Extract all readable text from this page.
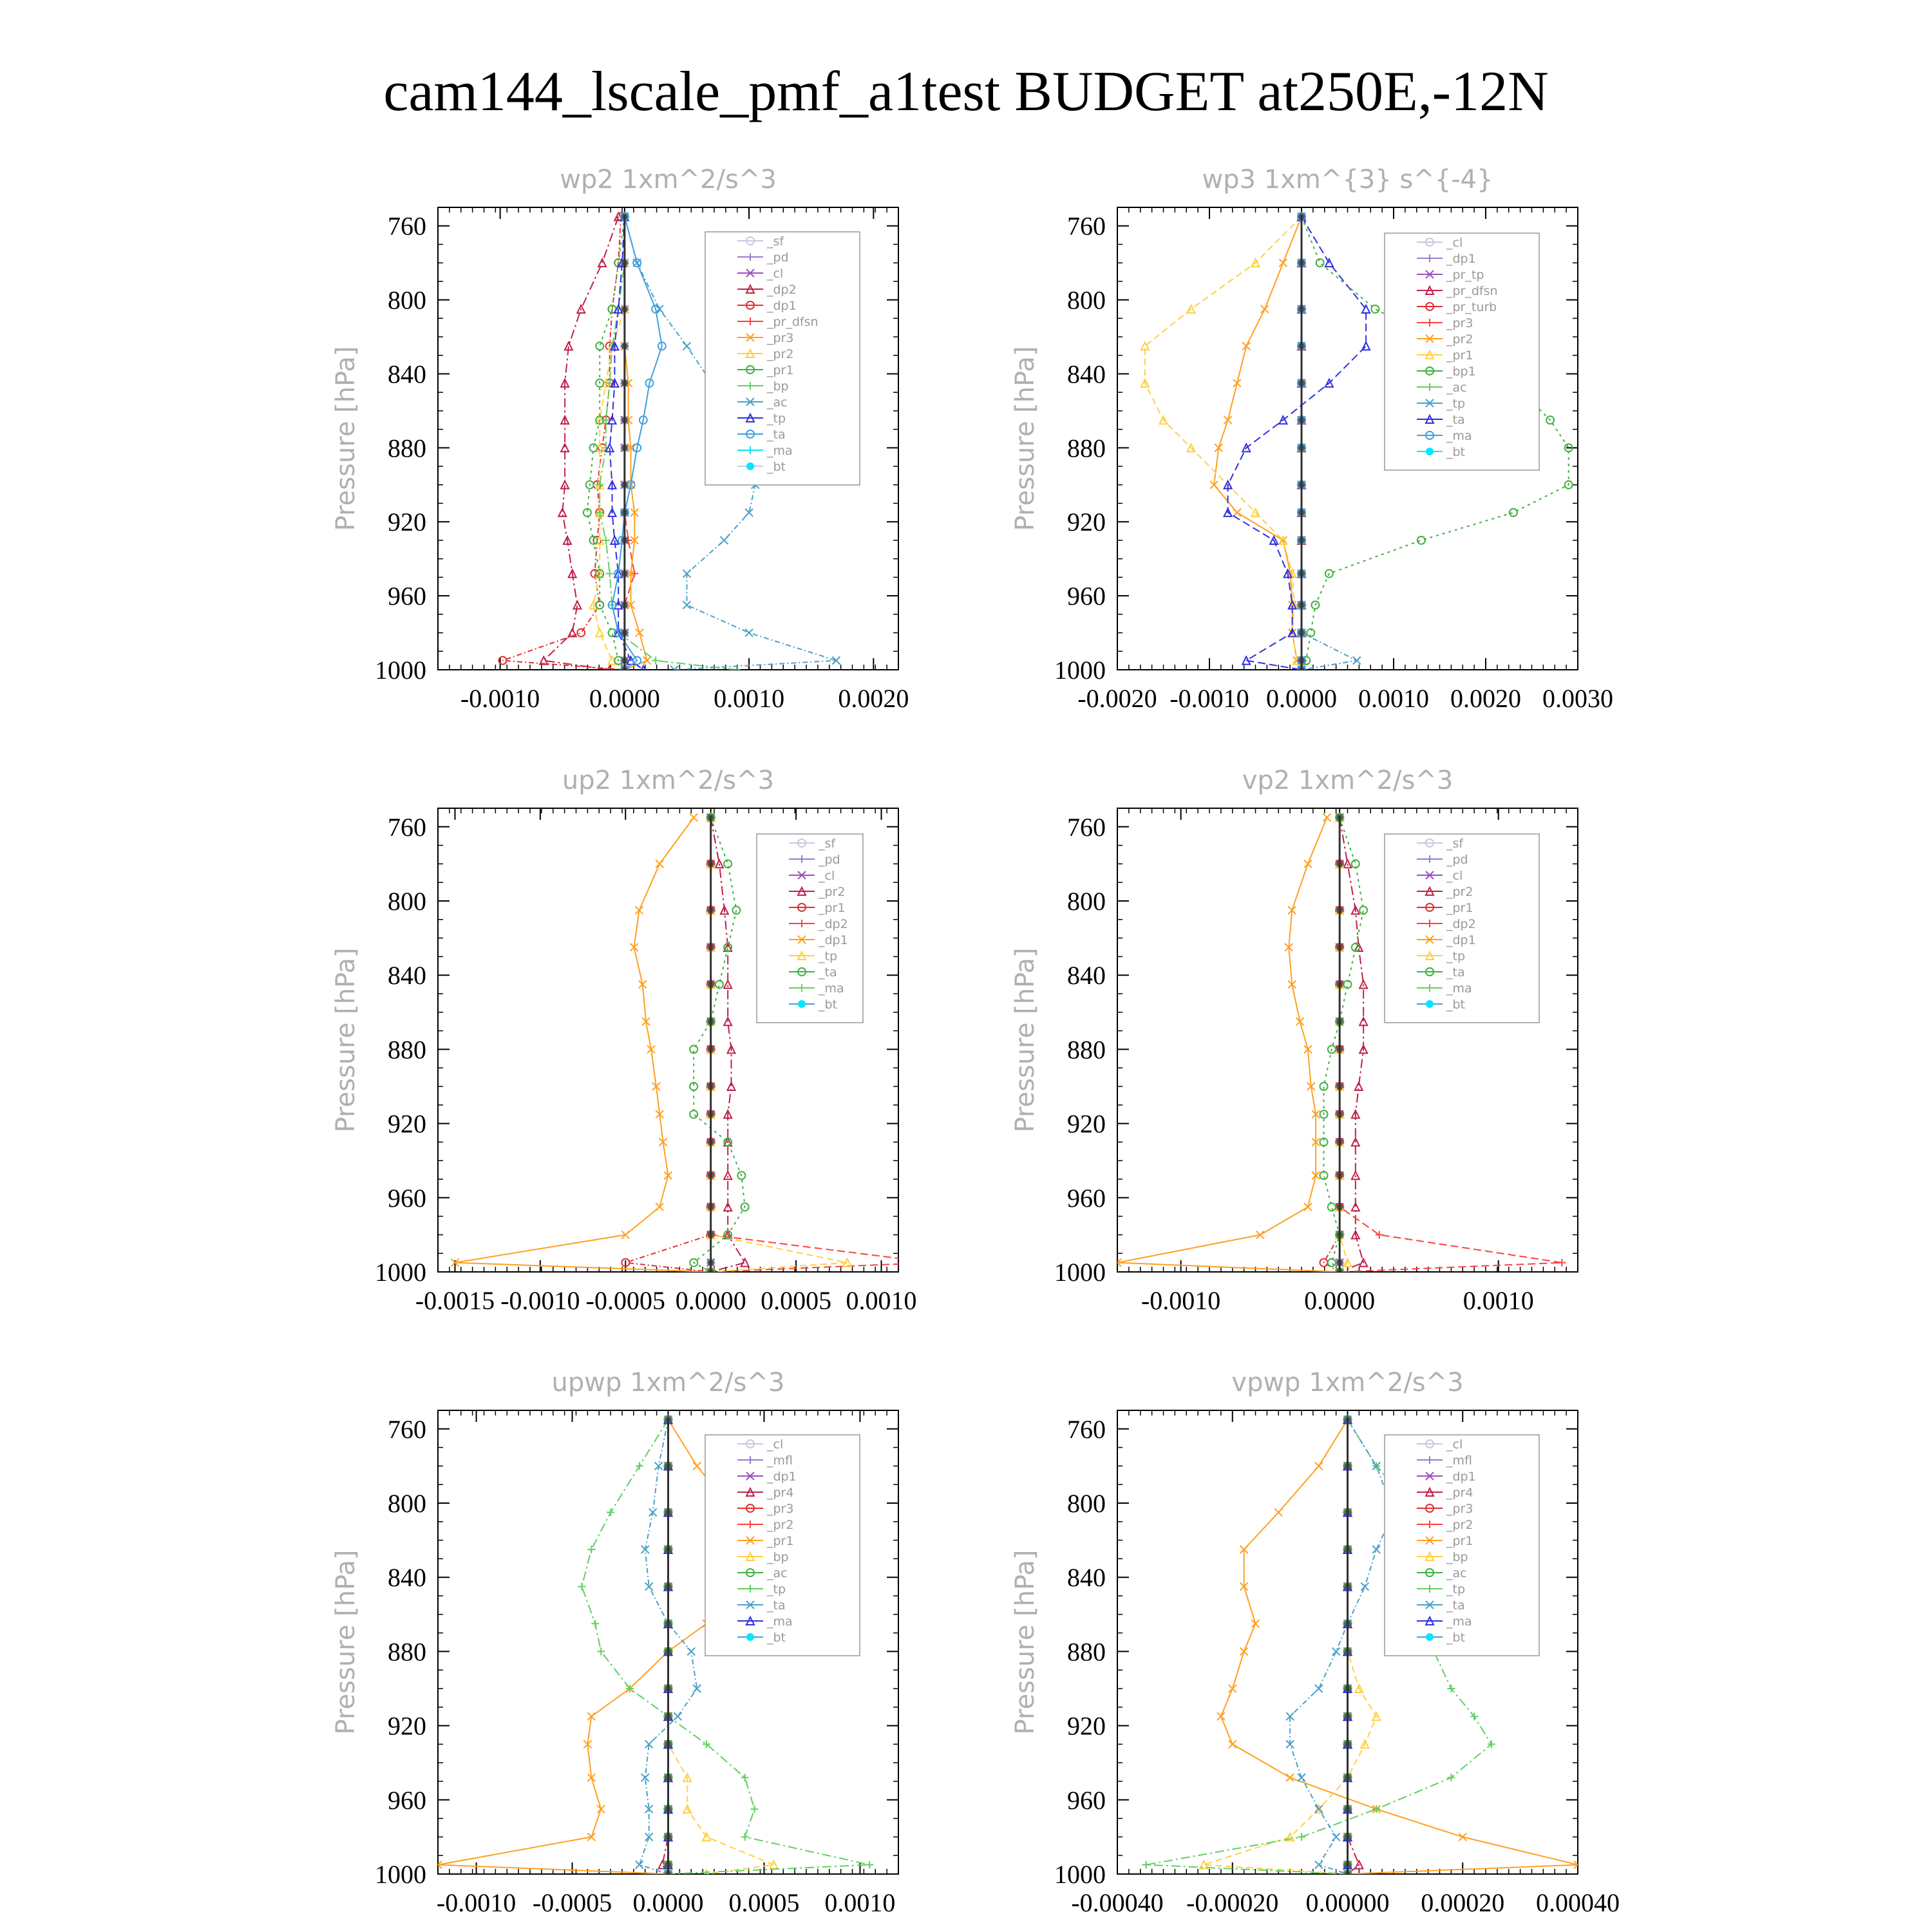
cam144_lscale_pmf_a1test BUDGET at250E,-12N
760
800
840
880
920
960
1000
-0.0010 0.0000 0.0010 0.0020
wp2 1xm^2/s^3
Pressure [hPa]
_sf
_pd
_cl
_dp2
_dp1
_pr_dfsn
_pr3
_pr2
_pr1
_bp
_ac
_tp
_ta
_ma
_bt
760
800
840
880
920
960
1000
-0.0020 -0.0010 0.0000 0.0010 0.0020 0.0030
wp3 1xm^{3} s^{-4}
Pressure [hPa]
_cl
_dp1
_pr_tp
_pr_dfsn
_pr_turb
_pr3
_pr2
_pr1
_bp1
_ac
_tp
_ta
_ma
_bt
760
800
840
880
920
960
1000
-0.0015 -0.0010 -0.0005 0.0000 0.0005 0.0010
up2 1xm^2/s^3
Pressure [hPa]
_sf
_pd
_cl
_pr2
_pr1
_dp2
_dp1
_tp
_ta
_ma
_bt
760
800
840
880
920
960
1000
-0.0010	0.0000	0.0010
vp2 1xm^2/s^3
Pressure [hPa]
_sf
_pd
_cl
_pr2
_pr1
_dp2
_dp1
_tp
_ta
_ma
_bt
760
800
840
880
920
960
1000
-0.0010 -0.0005 0.0000 0.0005 0.0010
upwp 1xm^2/s^3
Pressure [hPa]
_cl
_mfl
_dp1
_pr4
_pr3
_pr2
_pr1
_bp
_ac
_tp
_ta
_ma
_bt
760
800
840
880
920
960
1000
-0.00040 -0.00020 0.00000 0.00020 0.00040
vpwp 1xm^2/s^3
Pressure [hPa]
_cl
_mfl
_dp1
_pr4
_pr3
_pr2
_pr1
_bp
_ac
_tp
_ta
_ma
_bt
